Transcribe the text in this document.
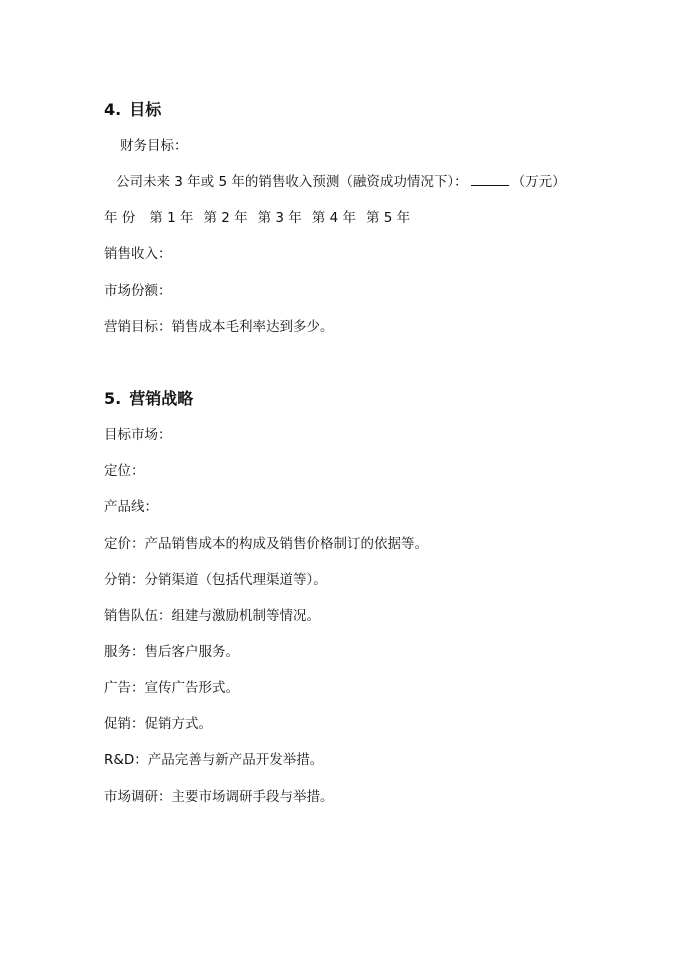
4. 目标
财务目标：
公司未来 3 年或 5 年的销售收入预测（融资成功情况下）：	（万元）
年 份 第 1 年 第 2 年 第 3 年 第 4 年 第 5 年
销售收入：
市场份额：
营销目标：销售成本毛利率达到多少。
5. 营销战略
目标市场：
定位：
产品线：
定价：产品销售成本的构成及销售价格制订的依据等。
分销：分销渠道（包括代理渠道等）。
销售队伍：组建与激励机制等情况。
服务：售后客户服务。
广告：宣传广告形式。
促销：促销方式。
R&D：产品完善与新产品开发举措。
市场调研：主要市场调研手段与举措。
